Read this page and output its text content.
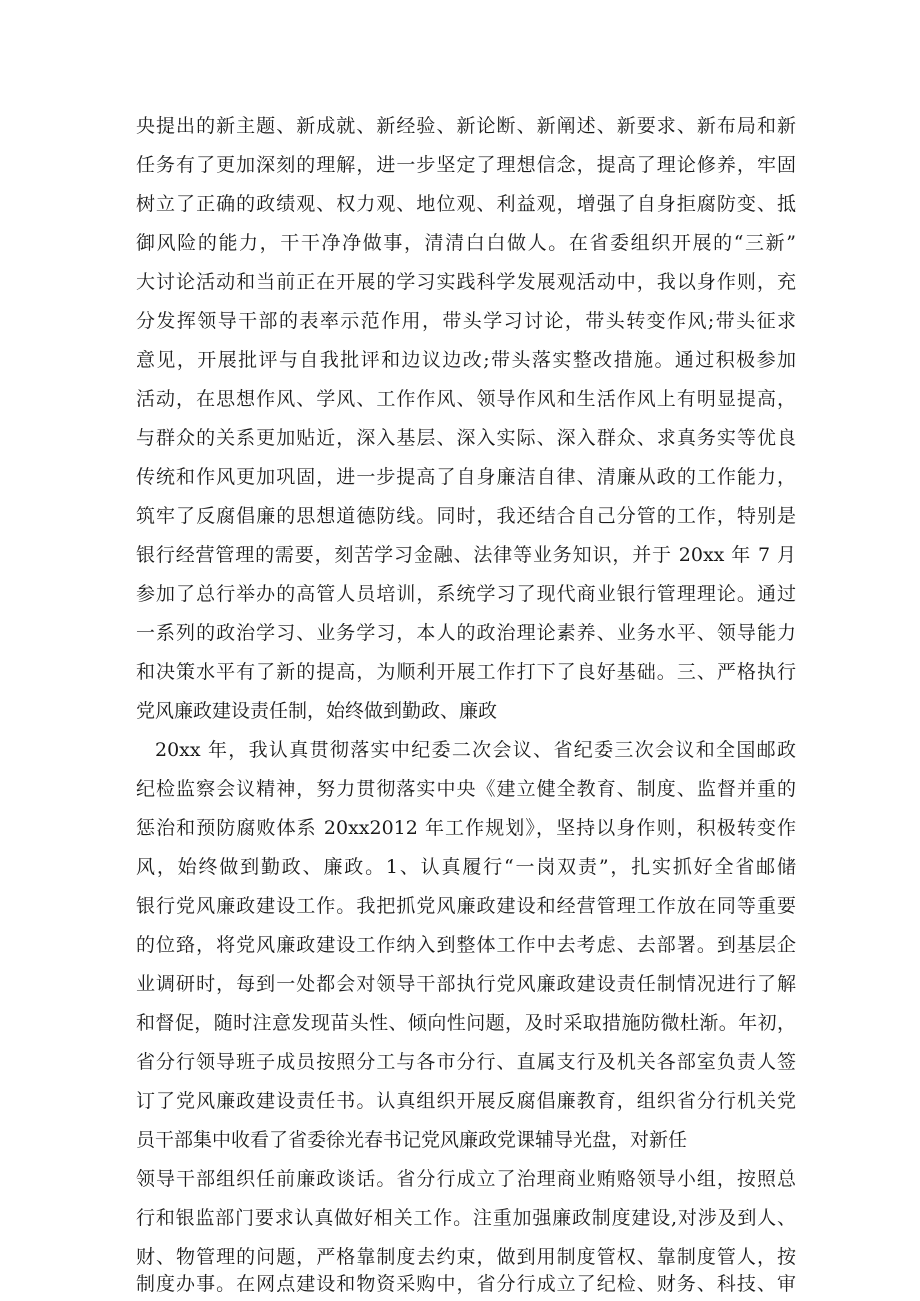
央提出的新主题、新成就、新经验、新论断、新阐述、新要求、新布局和新
任务有了更加深刻的理解，进一步坚定了理想信念，提高了理论修养，牢固
树立了正确的政绩观、权力观、地位观、利益观，增强了自身拒腐防变、抵
御风险的能力，干干净净做事，清清白白做人。在省委组织开展的“三新”
大讨论活动和当前正在开展的学习实践科学发展观活动中，我以身作则，充
分发挥领导干部的表率示范作用，带头学习讨论，带头转变作风;带头征求
意见，开展批评与自我批评和边议边改;带头落实整改措施。通过积极参加
活动，在思想作风、学风、工作作风、领导作风和生活作风上有明显提高，
与群众的关系更加贴近，深入基层、深入实际、深入群众、求真务实等优良
传统和作风更加巩固，进一步提高了自身廉洁自律、清廉从政的工作能力，
筑牢了反腐倡廉的思想道德防线。同时，我还结合自己分管的工作，特别是
银行经营管理的需要，刻苦学习金融、法律等业务知识，并于 20xx 年 7 月
参加了总行举办的高管人员培训，系统学习了现代商业银行管理理论。通过
一系列的政治学习、业务学习，本人的政治理论素养、业务水平、领导能力
和决策水平有了新的提高，为顺利开展工作打下了良好基础。三、严格执行
党风廉政建设责任制，始终做到勤政、廉政
20xx 年，我认真贯彻落实中纪委二次会议、省纪委三次会议和全国邮政
纪检监察会议精神，努力贯彻落实中央《建立健全教育、制度、监督并重的
惩治和预防腐败体系 20xx2012 年工作规划》，坚持以身作则，积极转变作
风，始终做到勤政、廉政。1、认真履行“一岗双责”，扎实抓好全省邮储
银行党风廉政建设工作。我把抓党风廉政建设和经营管理工作放在同等重要
的位臵，将党风廉政建设工作纳入到整体工作中去考虑、去部署。到基层企
业调研时，每到一处都会对领导干部执行党风廉政建设责任制情况进行了解
和督促，随时注意发现苗头性、倾向性问题，及时采取措施防微杜渐。年初，
省分行领导班子成员按照分工与各市分行、直属支行及机关各部室负责人签
订了党风廉政建设责任书。认真组织开展反腐倡廉教育，组织省分行机关党
员干部集中收看了省委徐光春书记党风廉政党课辅导光盘，对新任
领导干部组织任前廉政谈话。省分行成立了治理商业贿赂领导小组，按照总
行和银监部门要求认真做好相关工作。注重加强廉政制度建设,对涉及到人、
财、物管理的问题，严格靠制度去约束，做到用制度管权、靠制度管人，按
制度办事。在网点建设和物资采购中，省分行成立了纪检、财务、科技、审
